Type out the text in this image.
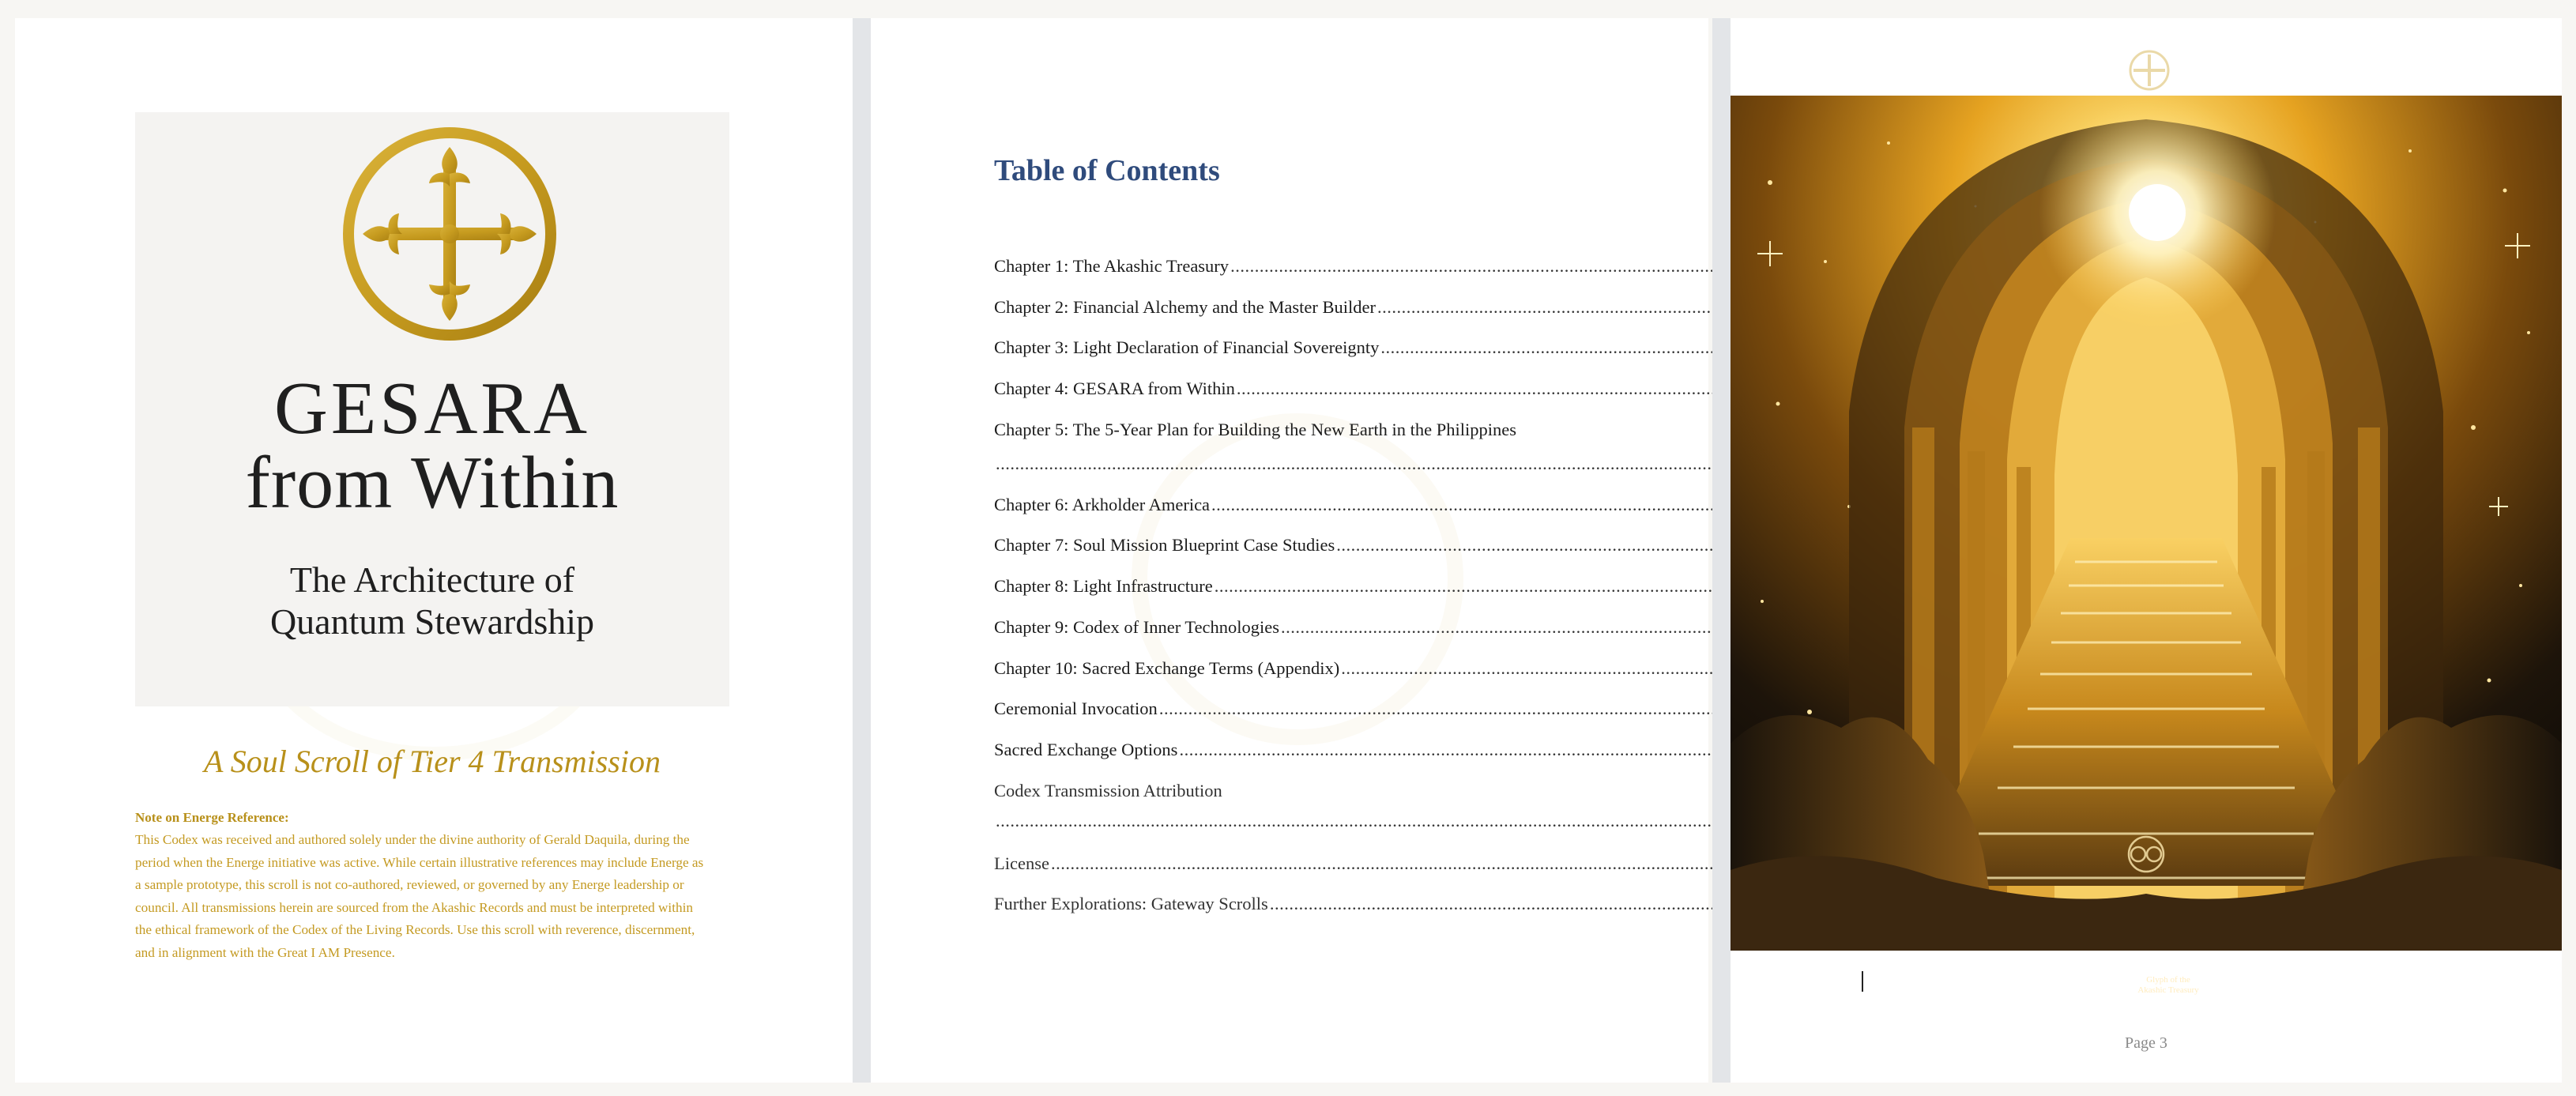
GESARA
from Within
The Architecture of
Quantum Stewardship
A Soul Scroll of Tier 4 Transmission
Note on Energe Reference:
This Codex was received and authored solely under the divine authority of Gerald Daquila, during the
period when the Energe initiative was active. While certain illustrative references may include Energe as
a sample prototype, this scroll is not co-authored, reviewed, or governed by any Energe leadership or
council. All transmissions herein are sourced from the Akashic Records and must be interpreted within
the ethical framework of the Codex of the Living Records. Use this scroll with reverence, discernment,
and in alignment with the Great I AM Presence.
Table of Contents
Chapter 1: The Akashic Treasury
.....
Chapter 2: Financial Alchemy and the Master Builder
.....
Chapter 3: Light Declaration of Financial Sovereignty
.....
Chapter 4: GESARA from Within
.....
Chapter 5: The 5-Year Plan for Building the New Earth in the Philippines
.....
Chapter 6: Arkholder America
.....
Chapter 7: Soul Mission Blueprint Case Studies
.....
Chapter 8: Light Infrastructure
.....
Chapter 9: Codex of Inner Technologies
.....
Chapter 10: Sacred Exchange Terms (Appendix)
.....
Ceremonial Invocation
.....
Sacred Exchange Options
.....
Codex Transmission Attribution
.....
License
.....
Further Explorations: Gateway Scrolls
.....
Glyph of the
Akashic Treasury
Page 3
